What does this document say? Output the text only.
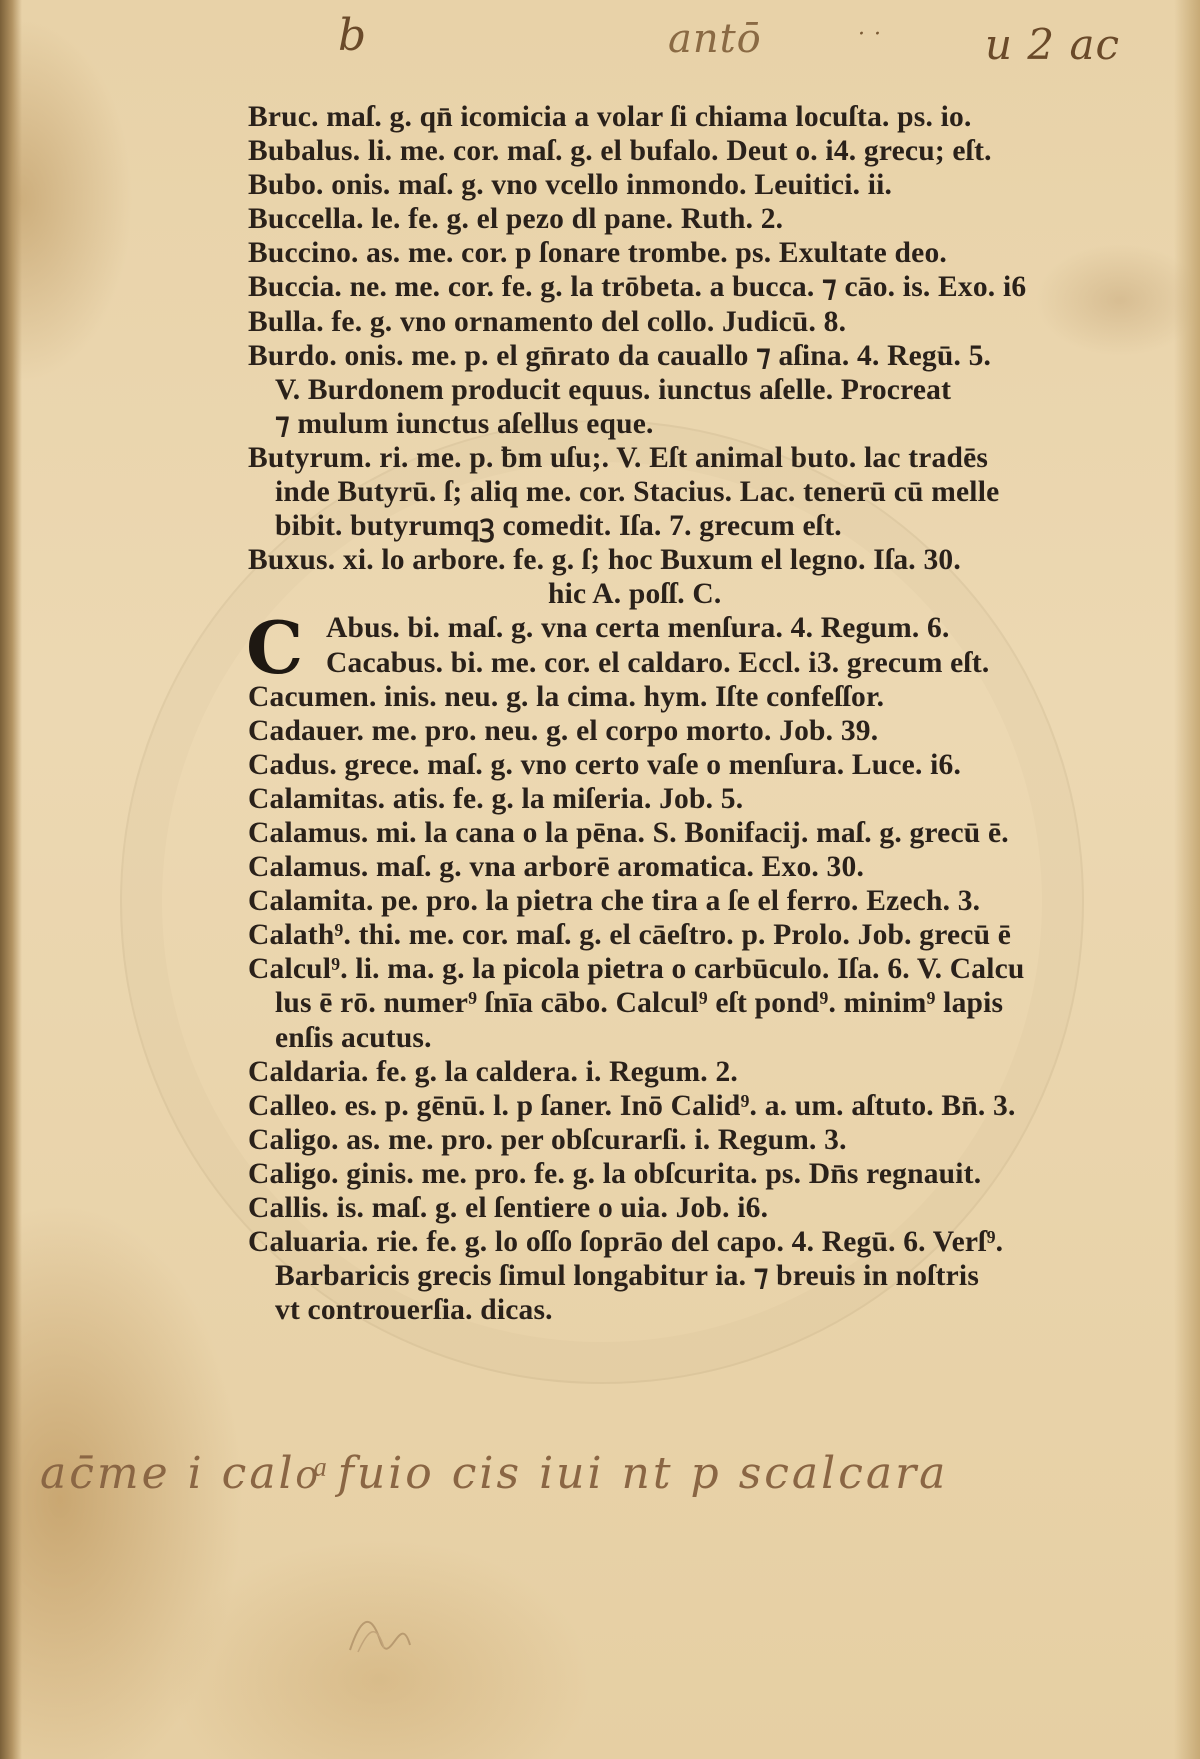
b	antō	· · u 2 ac
Bruc. maſ. g. qn̄ icomicia a volar ſi chiama locuſta. ps. io.
Bubalus. li. me. cor. maſ. g. el bufalo. Deut o. i4. grecu; eſt.
Bubo. onis. maſ. g. vno vcello inmondo. Leuitici. ii.
Buccella. le. fe. g. el pezo dl pane. Ruth. 2.
Buccino. as. me. cor. p ſonare trombe. ps. Exultate deo.
Buccia. ne. me. cor. fe. g. la trōbeta. a bucca. ⁊ cāo. is. Exo. i6
Bulla. fe. g. vno ornamento del collo. Judicū. 8.
Burdo. onis. me. p. el gn̄rato da cauallo ⁊ aſina. 4. Regū. 5.
V. Burdonem producit equus. iunctus aſelle. Procreat
⁊ mulum iunctus aſellus eque.
Butyrum. ri. me. p. ƀm uſu;. V. Eſt animal buto. lac tradēs
inde Butyrū. ſ; aliq me. cor. Stacius. Lac. tenerū cū melle
bibit. butyrumqꝫ comedit. Iſa. 7. grecum eſt.
Buxus. xi. lo arbore. fe. g. ſ; hoc Buxum el legno. Iſa. 30.
hic A. poſſ. C.
C Abus. bi. maſ. g. vna certa menſura. 4. Regum. 6.
Cacabus. bi. me. cor. el caldaro. Eccl. i3. grecum eſt.
Cacumen. inis. neu. g. la cima. hym. Iſte confeſſor.
Cadauer. me. pro. neu. g. el corpo morto. Job. 39.
Cadus. grece. maſ. g. vno certo vaſe o menſura. Luce. i6.
Calamitas. atis. fe. g. la miſeria. Job. 5.
Calamus. mi. la cana o la pēna. S. Bonifacij. maſ. g. grecū ē.
Calamus. maſ. g. vna arborē aromatica. Exo. 30.
Calamita. pe. pro. la pietra che tira a ſe el ferro. Ezech. 3.
Calath⁹. thi. me. cor. maſ. g. el cāeſtro. p. Prolo. Job. grecū ē
Calcul⁹. li. ma. g. la picola pietra o carbūculo. Iſa. 6. V. Calcu
lus ē rō. numer⁹ ſnīa cābo. Calcul⁹ eſt pond⁹. minim⁹ lapis
enſis acutus.
Caldaria. fe. g. la caldera. i. Regum. 2.
Calleo. es. p. gēnū. l. p ſaner. Inō Calid⁹. a. um. aſtuto. Bn̄. 3.
Caligo. as. me. pro. per obſcurarſi. i. Regum. 3.
Caligo. ginis. me. pro. fe. g. la obſcurita. ps. Dn̄s regnauit.
Callis. is. maſ. g. el ſentiere o uia. Job. i6.
Caluaria. rie. fe. g. lo oſſo ſoprāo del capo. 4. Regū. 6. Verſ⁹.
Barbaricis grecis ſimul longabitur ia. ⁊ breuis in noſtris
vt controuerſia. dicas.
ac̄me i caloͣ fuio cis iui nt p scalcara
